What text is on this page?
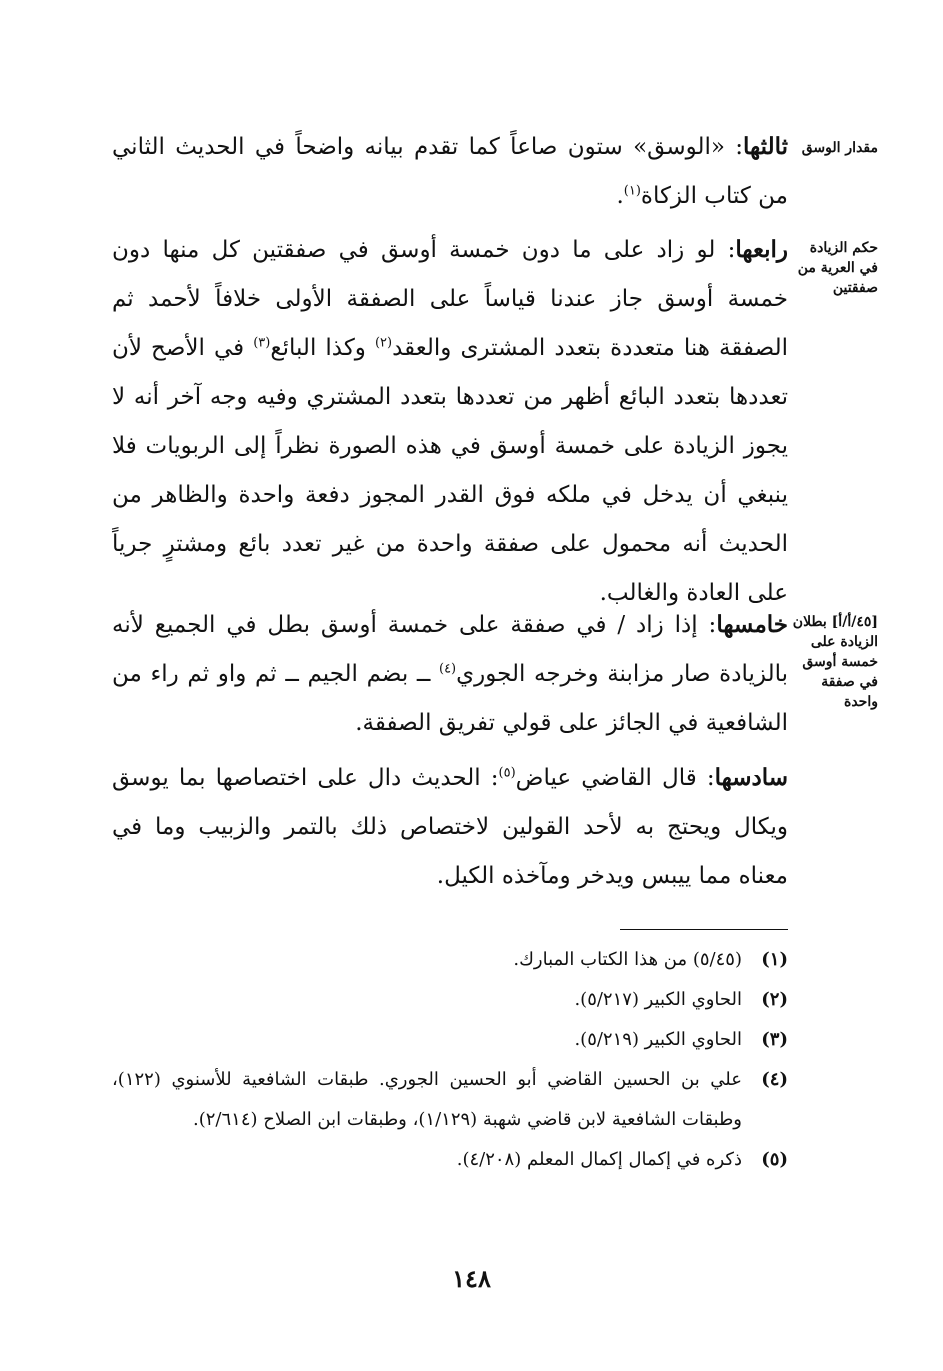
مقدار الوسق
حكم الزيادة في العرية من صفقتين
[٤٥/أ/أ] بطلان الزيادة على خمسة أوسق في صفقة واحدة

ثالثها: «الوسق» ستون صاعاً كما تقدم بيانه واضحاً في الحديث الثاني من كتاب الزكاة$^{(١)}$.

رابعها: لو زاد على ما دون خمسة أوسق في صفقتين كل منها دون خمسة أوسق جاز عندنا قياساً على الصفقة الأولى خلافاً لأحمد ثم الصفقة هنا متعددة بتعدد المشترى والعقد$^{(٢)}$ وكذا البائع$^{(٣)}$ في الأصح لأن تعددها بتعدد البائع أظهر من تعددها بتعدد المشتري وفيه وجه آخر أنه لا يجوز الزيادة على خمسة أوسق في هذه الصورة نظراً إلى الربويات فلا ينبغي أن يدخل في ملكه فوق القدر المجوز دفعة واحدة والظاهر من الحديث أنه محمول على صفقة واحدة من غير تعدد بائع ومشترٍ جرياً على العادة والغالب.

خامسها: إذا زاد / في صفقة على خمسة أوسق بطل في الجميع لأنه بالزيادة صار مزابنة وخرجه الجوري$^{(٤)}$ ــ بضم الجيم ــ ثم واو ثم راء من الشافعية في الجائز على قولي تفريق الصفقة.

سادسها: قال القاضي عياض$^{(٥)}$: الحديث دال على اختصاصها بما يوسق ويكال ويحتج به لأحد القولين لاختصاص ذلك بالتمر والزبيب وما في معناه مما ييبس ويدخر ومآخذه الكيل.

(١)
(٥/٤٥) من هذا الكتاب المبارك.
(٢)
الحاوي الكبير (٥/٢١٧).
(٣)
الحاوي الكبير (٥/٢١٩).
(٤)
علي بن الحسين القاضي أبو الحسين الجوري. طبقات الشافعية للأسنوي (١٢٢)، وطبقات الشافعية لابن قاضي شهبة (١/١٢٩)، وطبقات ابن الصلاح (٢/٦١٤).
(٥)
ذكره في إكمال إكمال المعلم (٤/٢٠٨).
١٤٨
